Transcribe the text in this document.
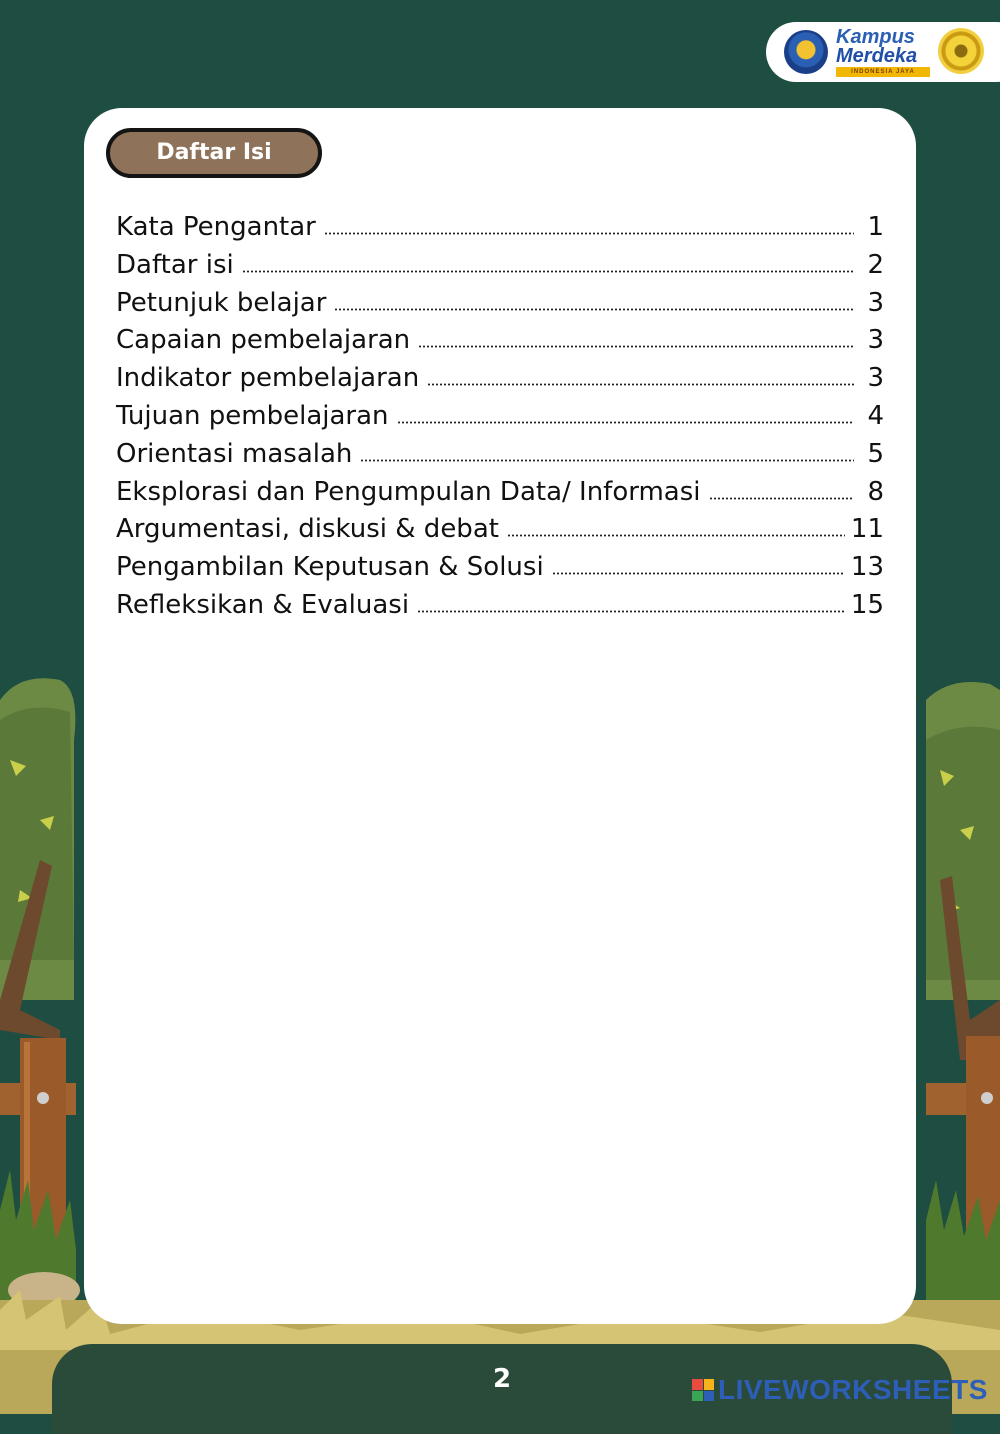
Kampus
Merdeka
INDONESIA JAYA
Daftar Isi
Kata Pengantar	1
Daftar isi	2
Petunjuk belajar	3
Capaian pembelajaran	3
Indikator pembelajaran	3
Tujuan pembelajaran	4
Orientasi masalah	5
Eksplorasi dan Pengumpulan Data/ Informasi	8
Argumentasi, diskusi & debat	11
Pengambilan Keputusan & Solusi	13
Refleksikan & Evaluasi	15
2	LIVEWORKSHEETS
